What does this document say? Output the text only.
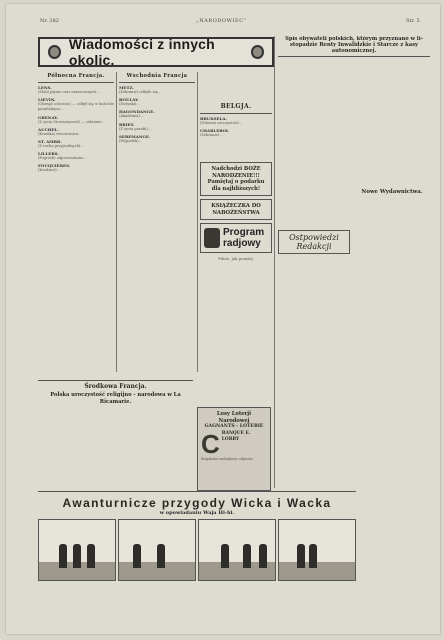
Nr. 282	„NARODOWIEC”	Str. 5
Wiadomości z innych okolic.
Północna Francja.
LENS.

(Ślub) płynie czas narzeczonych...

LIEVIN.

(Obrzęd ochrzcin) — odbył się w kościele parafialnym...

GRENAY.

(Z życia Stowarzyszeń) — zebranie...

AUCHEL.

(Kronika) wieczornica...

ST. AMBR.

(Z ruchu przyjezdnych)...

LILLERS.

(Pogrzeb) odprowadzono...

FOUQUIÈRES.

(Kradzież)...

Wschodnia Francja
METZ.

(Zebranie) odbyło się...

BOULAY.

(Dożynki)...

HAGONDANGE.

(Akademia)...

BRIEY.

(Z życia parafii)...

SEREMANGE.

(Wypadek)...

BELGJA.
BRUKSELA.

(Polonia) uroczystość...

CHARLEROI.

(Zebranie)...

Nadchodzi BOŻE NARODZENIE!!! Pamiętaj o podarku dla najbliższych!
KSIĄŻECZKA DO NABOŻEŃSTWA
Program
radjowy
Pilnie, Jak poniżej:
Środkowa Francja.
Polska uroczystość religijno - narodowa w La Ricamarie.

Losy Loterji Narodowej
GAGNANTS - LOTERIE
C BANQUE E. LOBBY
Bezpłatne nadsyłanie odpisów
Spis obywateli polskich, którym przyznano w li-stopadzie Renty Inwalidzkie i Starcze z kasy autonomicznej.

Ostpowiedzi Redakcji

Nowe Wydawnictwa.

Awanturnicze przygody Wicka i Wacka
w opowiadaniu Waja Hi-hi.
